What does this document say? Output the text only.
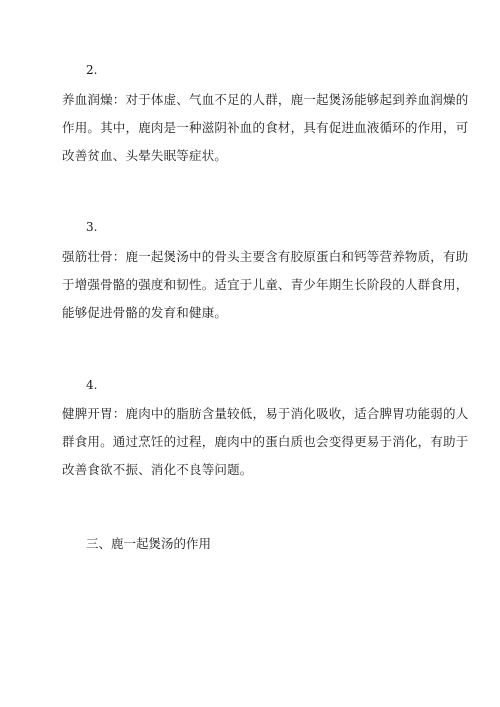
2.
养血润燥：对于体虚、气血不足的人群，鹿一起煲汤能够起到养血润燥的
作用。其中，鹿肉是一种滋阴补血的食材，具有促进血液循环的作用，可
改善贫血、头晕失眠等症状。
3.
强筋壮骨：鹿一起煲汤中的骨头主要含有胶原蛋白和钙等营养物质，有助
于增强骨骼的强度和韧性。适宜于儿童、青少年期生长阶段的人群食用，
能够促进骨骼的发育和健康。
4.
健脾开胃：鹿肉中的脂肪含量较低，易于消化吸收，适合脾胃功能弱的人
群食用。通过烹饪的过程，鹿肉中的蛋白质也会变得更易于消化，有助于
改善食欲不振、消化不良等问题。
三、鹿一起煲汤的作用
